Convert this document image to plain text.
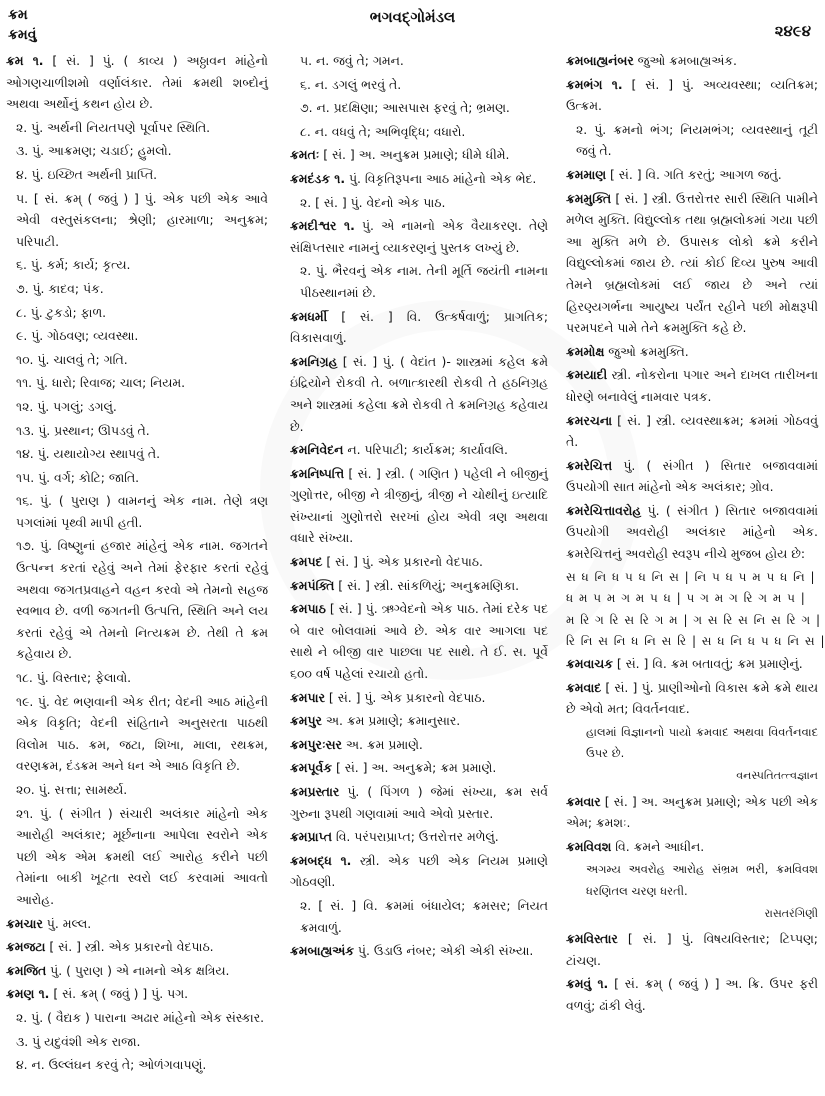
ક્રમ
ક્રમવું
ભગવદ્ગોમંડલ
૨૪૯૪

ક્રમ ૧. [ સં. ] પું. ( કાવ્ય ) અઠ્ઠાવન માંહેનો ઓગણચાળીશમો વર્ણાલંકાર. તેમાં ક્રમથી શબ્દોનું અથવા અર્થોનું કથન હોય છે.

૨. પું. અર્થની નિયતપણે પૂર્વાપર સ્થિતિ.

૩. પું. આક્રમણ; ચડાઈ; હુમલો.

૪. પું. ઇચ્છિત અર્થની પ્રાપ્તિ.

૫. [ સં. ક્રમ્ ( જવું ) ] પું. એક પછી એક આવે એવી વસ્તુસંકલના; શ્રેણી; હારમાળા; અનુક્રમ; પરિપાટી.

૬. પું. કર્મ; કાર્ય; કૃત્ય.

૭. પું. કાદવ; પંક.

૮. પું. ટુકડો; ફાળ.

૯. પું. ગોઠવણ; વ્યવસ્થા.

૧૦. પું. ચાલવું તે; ગતિ.

૧૧. પું. ધારો; રિવાજ; ચાલ; નિયમ.

૧૨. પું. પગલું; ડગલું.

૧૩. પું. પ્રસ્થાન; ઊપડવું તે.

૧૪. પું. યથાયોગ્ય સ્થાપવું તે.

૧૫. પું. વર્ગ; કોટિ; જાતિ.

૧૬. પું. ( પુરાણ ) વામનનું એક નામ. તેણે ત્રણ પગલાંમાં પૃથ્વી માપી હતી.

૧૭. પું. વિષ્ણુનાં હજાર માંહેનું એક નામ. જગતને ઉત્પન્ન કરતાં રહેવું અને તેમાં ફેરફાર કરતાં રહેવું અથવા જગતપ્રવાહને વહન કરવો એ તેમનો સહજ સ્વભાવ છે. વળી જગતની ઉત્પત્તિ, સ્થિતિ અને લય કરતાં રહેવું એ તેમનો નિત્યક્રમ છે. તેથી તે ક્રમ કહેવાય છે.

૧૮. પું. વિસ્તાર; ફેલાવો.

૧૯. પું. વેદ ભણવાની એક રીત; વેદની આઠ માંહેની એક વિકૃતિ; વેદની સંહિતાને અનુસરતા પાઠથી વિલોમ પાઠ. ક્રમ, જટા, શિખા, માલા, રથક્રમ, વરણક્રમ, દંડક્રમ અને ધન એ આઠ વિકૃતિ છે.

૨૦. પું. સત્તા; સામર્થ્ય.

૨૧. પું. ( સંગીત ) સંચારી અલંકાર માંહેનો એક આરોહી અલંકાર; મૂર્છનાના આપેલા સ્વરોને એક પછી એક એમ ક્રમથી લઈ આરોહ કરીને પછી તેમાંના બાકી ખૂટતા સ્વરો લઈ કરવામાં આવતો આરોહ.

ક્રમચાર પું. મલ્લ.

ક્રમજટા [ સં. ] સ્ત્રી. એક પ્રકારનો વેદપાઠ.

ક્રમજિત પું. ( પુરાણ ) એ નામનો એક ક્ષત્રિય.

ક્રમણ ૧. [ સં. ક્રમ્ ( જવું ) ] પું. પગ.

૨. પું. ( વૈદ્યક ) પારાના અઢાર માંહેનો એક સંસ્કાર.

૩. પું યદુવંશી એક રાજા.

૪. ન. ઉલ્લંઘન કરવું તે; ઓળંગવાપણું.

૫. ન. જવું તે; ગમન.

૬. ન. ડગલું ભરવું તે.

૭. ન. પ્રદક્ષિણા; આસપાસ ફરવું તે; ભ્રમણ.

૮. ન. વધવું તે; અભિવૃદ્ધિ; વધારો.

ક્રમતઃ [ સં. ] અ. અનુક્રમ પ્રમાણે; ધીમે ધીમે.

ક્રમદંડક ૧. પું. વિકૃતિરૂપના આઠ માંહેનો એક ભેદ.

૨. [ સં. ] પું. વેદનો એક પાઠ.

ક્રમદીશ્વર ૧. પું. એ નામનો એક વૈયાકરણ. તેણે સંક્ષિપ્તસાર નામનું વ્યાકરણનું પુસ્તક લખ્યું છે.

૨. પું. ભૈરવનું એક નામ. તેની મૂર્તિ જયંતી નામના પીઠસ્થાનમાં છે.

ક્રમધર્મી [ સં. ] વિ. ઉત્કર્ષવાળું; પ્રાગતિક; વિકાસવાળું.

ક્રમનિગ્રહ [ સં. ] પું. ( વેદાંત )- શાસ્ત્રમાં કહેલ ક્રમે ઇંદ્રિયોને રોકવી તે. બળાત્કારથી રોકવી તે હઠનિગ્રહ અને શાસ્ત્રમાં કહેલા ક્રમે રોકવી તે ક્રમનિગ્રહ કહેવાય છે.

ક્રમનિવેદન ન. પરિપાટી; કાર્યક્રમ; કાર્યાવલિ.

ક્રમનિષ્પત્તિ [ સં. ] સ્ત્રી. ( ગણિત ) પહેલી ને બીજીનું ગુણોત્તર, બીજી ને ત્રીજીનું, ત્રીજી ને ચોથીનું ઇત્યાદિ સંખ્યાનાં ગુણોત્તરો સરખાં હોય એવી ત્રણ અથવા વધારે સંખ્યા.

ક્રમપદ [ સં. ] પું. એક પ્રકારનો વેદપાઠ.

ક્રમપંક્તિ [ સં. ] સ્ત્રી. સાંકળિયું; અનુક્રમણિકા.

ક્રમપાઠ [ સં. ] પું. ઋગ્વેદનો એક પાઠ. તેમાં દરેક પદ બે વાર બોલવામાં આવે છે. એક વાર આગલા પદ સાથે ને બીજી વાર પાછલા પદ સાથે. તે ઈ. સ. પૂર્વે ૬૦૦ વર્ષ પહેલાં રચાયો હતો.

ક્રમપાર [ સં. ] પું. એક પ્રકારનો વેદપાઠ.

ક્રમપુર અ. ક્રમ પ્રમાણે; ક્રમાનુસાર.

ક્રમપુરઃસર અ. ક્રમ પ્રમાણે.

ક્રમપૂર્વક [ સં. ] અ. અનુક્રમે; ક્રમ પ્રમાણે.

ક્રમપ્રસ્તાર પું. ( પિંગળ ) જેમાં સંખ્યા, ક્રમ સર્વ ગુરુના રૂપથી ગણવામાં આવે એવો પ્રસ્તાર.

ક્રમપ્રાપ્ત વિ. પરંપરાપ્રાપ્ત; ઉત્તરોત્તર મળેલું.

ક્રમબદ્ધ ૧. સ્ત્રી. એક પછી એક નિયમ પ્રમાણે ગોઠવણી.

૨. [ સં. ] વિ. ક્રમમાં બંધાયેલ; ક્રમસર; નિયત ક્રમવાળું.

ક્રમબાહ્યઅંક પું. ઉડાઉ નંબર; એકી એકી સંખ્યા.

ક્રમબાહ્યનંબર જુઓ ક્રમબાહ્યઅંક.

ક્રમભંગ ૧. [ સં. ] પું. અવ્યવસ્થા; વ્યતિક્રમ; ઉત્ક્રમ.

૨. પું. ક્રમનો ભંગ; નિયમભંગ; વ્યવસ્થાનું તૂટી જવું તે.

ક્રમમાણ [ સં. ] વિ. ગતિ કરતું; આગળ જતું.

ક્રમમુક્તિ [ સં. ] સ્ત્રી. ઉત્તરોત્તર સારી સ્થિતિ પામીને મળેલ મુક્તિ. વિદ્યુલ્લોક તથા બ્રહ્મલોકમાં ગયા પછી આ મુક્તિ મળે છે. ઉપાસક લોકો ક્રમે કરીને વિદ્યુલ્લોકમાં જાય છે. ત્યાં કોઈ દિવ્ય પુરુષ આવી તેમને બ્રહ્મલોકમાં લઈ જાય છે અને ત્યાં હિરણ્યગર્ભના આયુષ્ય પર્યંત રહીને પછી મોક્ષરૂપી પરમપદને પામે તેને ક્રમમુક્તિ કહે છે.

ક્રમમોક્ષ જુઓ ક્રમમુક્તિ.

ક્રમયાદી સ્ત્રી. નોકરોના પગાર અને દાખલ તારીખના ધોરણે બનાવેલું નામવાર પત્રક.

ક્રમરચના [ સં. ] સ્ત્રી. વ્યવસ્થાક્રમ; ક્રમમાં ગોઠવવું તે.

ક્રમરેચિત્ત પું. ( સંગીત ) સિતાર બજાવવામાં ઉપયોગી સાત માંહેનો એક અલંકાર; ગ્રોવ.

ક્રમરેચિત્તાવરોહ પું. ( સંગીત ) સિતાર બજાવવામાં ઉપયોગી અવરોહી અલંકાર માંહેનો એક. ક્રમરેચિત્તનું અવરોહી સ્વરૂપ નીચે મુજબ હોય છે:

સ ધ નિ ધ પ ધ નિ સ | નિ પ ધ પ મ પ ધ નિ |

ધ મ પ મ ગ મ પ ધ | પ ગ મ ગ રિ ગ મ પ |

મ રિ ગ રિ સ રિ ગ મ | ગ સ રિ સ નિ સ રિ ગ |

રિ નિ સ નિ ધ નિ સ રિ | સ ધ નિ ધ પ ધ નિ સ |

ક્રમવાચક [ સં. ] વિ. ક્રમ બતાવતું; ક્રમ પ્રમાણેનું.

ક્રમવાદ [ સં. ] પું. પ્રાણીઓનો વિકાસ ક્રમે ક્રમે થાય છે એવો મત; વિવર્તનવાદ.

હાલમાં વિજ્ઞાનનો પાયો ક્રમવાદ અથવા વિવર્તનવાદ ઉપર છે.

વનસ્પતિતત્ત્વજ્ઞાન

ક્રમવાર [ સં. ] અ. અનુક્રમ પ્રમાણે; એક પછી એક એમ; ક્રમશઃ.

ક્રમવિવશ વિ. ક્રમને આધીન.

અગમ્ય અવરોહ આરોહ સંભ્રમ ભરી, ક્રમવિવશ ધરણિતલ ચરણ ધરતી.

રાસતરંગિણી

ક્રમવિસ્તાર [ સં. ] પું. વિષયવિસ્તાર; ટિપ્પણ; ટાંચણ.

ક્રમવું ૧. [ સં. ક્રમ્ ( જવું ) ] અ. ક્રિ. ઉપર ફરી વળવું; ઢાંકી લેવું.
